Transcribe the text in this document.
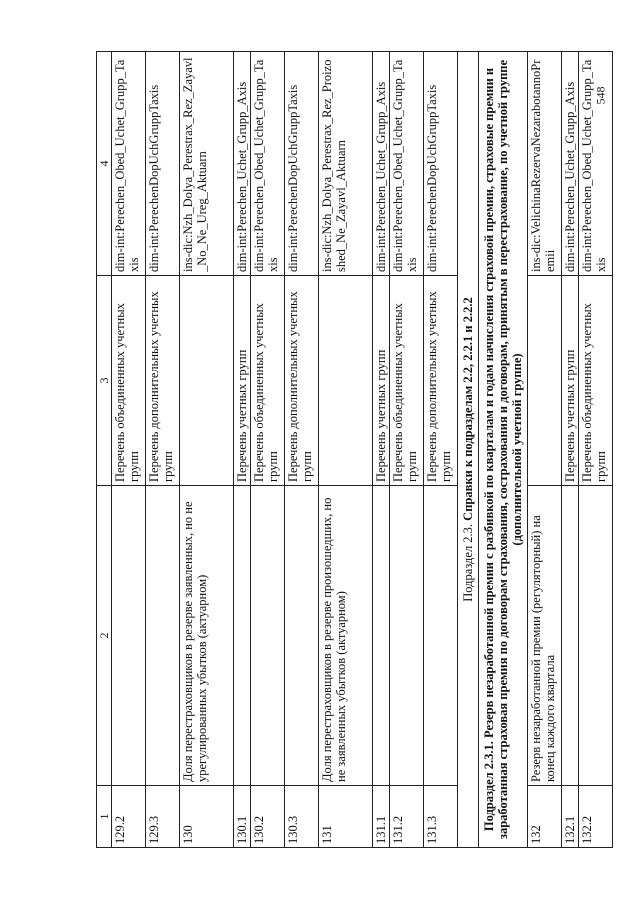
548
1	2	3	4
129.2		Перечень объединенных учетных групп	dim-int:Perechen_Obed_Uchet_Grupp_Taxis
129.3		Перечень дополнительных учетных групп	dim-int:PerechenDopUchGruppTaxis
130	Доля перестраховщиков в резерве заявленных, но не урегулированных убытков (актуарном)		ins-dic:Nzh_Dolya_Perestrax_Rez_Zayavl_No_Ne_Ureg_Aktuarn
130.1		Перечень учетных групп	dim-int:Perechen_Uchet_Grupp_Axis
130.2		Перечень объединенных учетных групп	dim-int:Perechen_Obed_Uchet_Grupp_Taxis
130.3		Перечень дополнительных учетных групп	dim-int:PerechenDopUchGruppTaxis
131	Доля перестраховщиков в резерве произошедших, но не заявленных убытков (актуарном)		ins-dic:Nzh_Dolya_Perestrax_Rez_Proizoshed_Ne_Zayavl_Aktuarn
131.1		Перечень учетных групп	dim-int:Perechen_Uchet_Grupp_Axis
131.2		Перечень объединенных учетных групп	dim-int:Perechen_Obed_Uchet_Grupp_Taxis
131.3		Перечень дополнительных учетных групп	dim-int:PerechenDopUchGruppTaxis
Подраздел 2.3. Справки к подразделам 2.2, 2.2.1 и 2.2.2			
Подраздел 2.3.1. Резерв незаработанной премии с разбивкой по кварталам и годам начисления страховой премии, страховые премии и заработанная страховая премия по договорам страхования, сострахования и договорам, принятым в перестрахование, по учетной группе (дополнительной учетной группе)			
132	Резерв незаработанной премии (регуляторный) на конец каждого квартала		ins-dic:VelichinaRezervaNezarabotannoPremii
132.1		Перечень учетных групп	dim-int:Perechen_Uchet_Grupp_Axis
132.2		Перечень объединенных учетных групп	dim-int:Perechen_Obed_Uchet_Grupp_Taxis
